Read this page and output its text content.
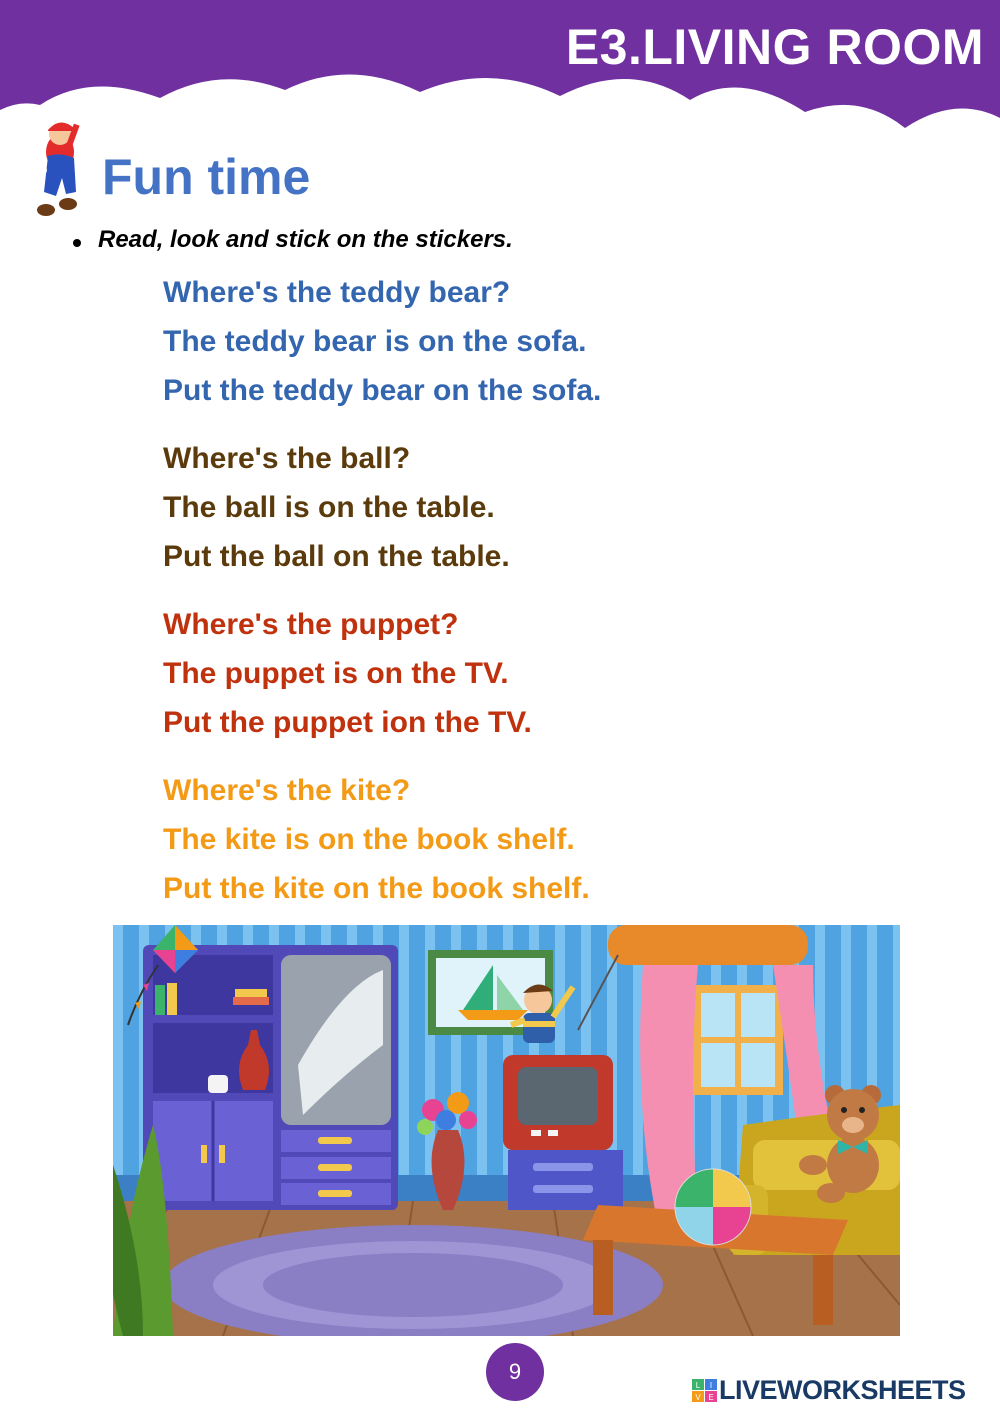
E3.LIVING ROOM
Fun time

Read, look and stick on the stickers.

Where's the teddy bear?
The teddy bear is on the sofa.
Put the teddy bear on the sofa.
Where's the ball?
The ball is on the table.
Put the ball on the table.
Where's the puppet?
The puppet is on the TV.
Put the puppet ion the TV.
Where's the kite?
The kite is on the book shelf.
Put the kite on the book shelf.
9
L I
V E LIVEWORKSHEETS
